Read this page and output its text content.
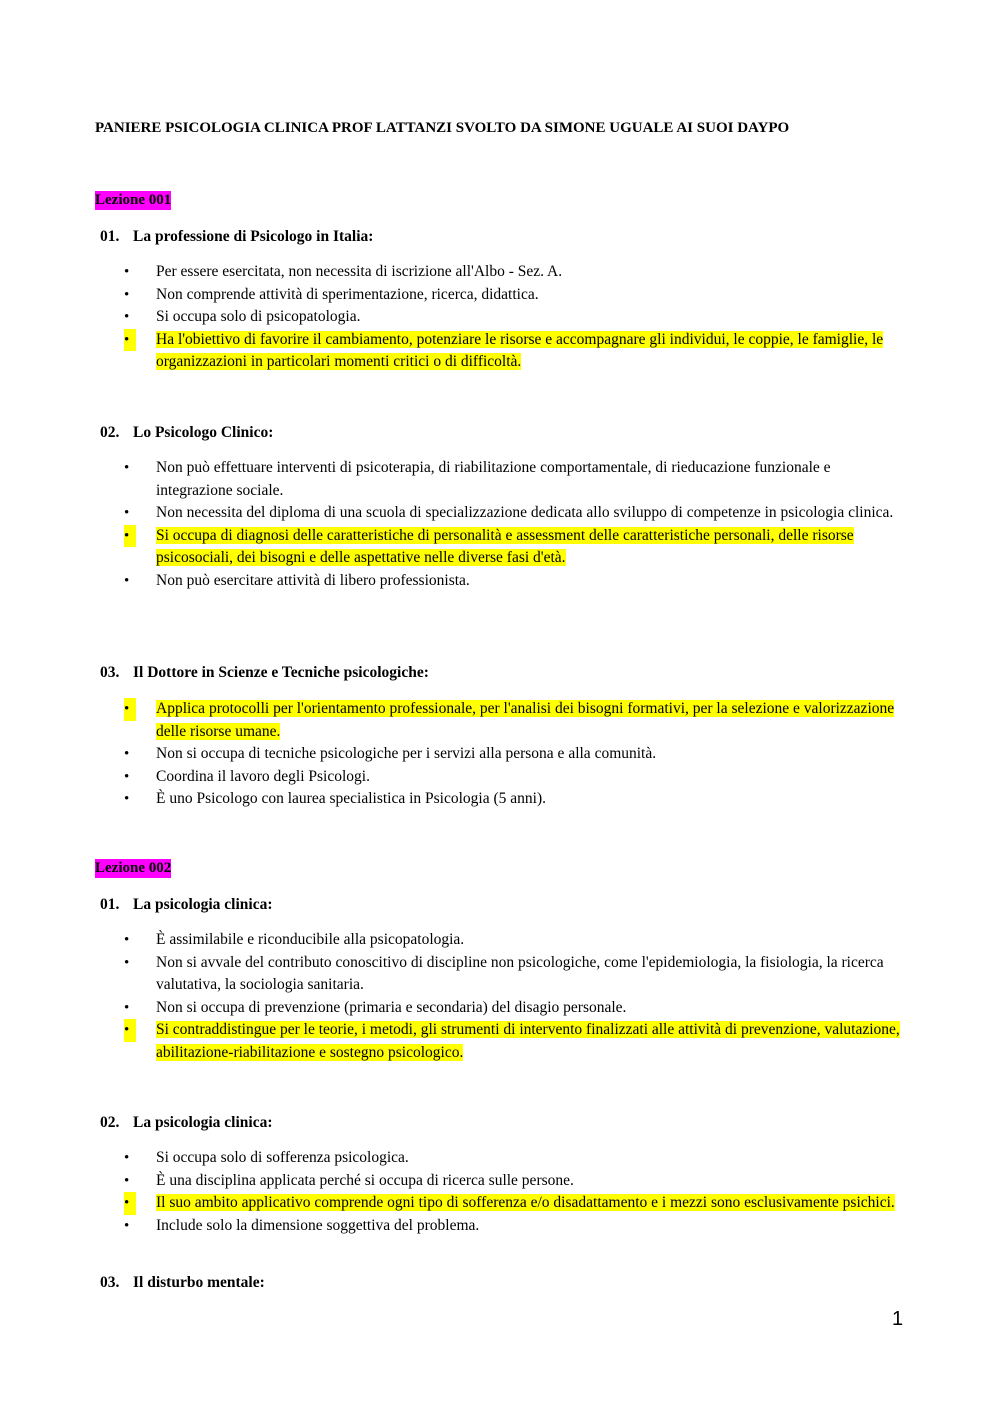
PANIERE PSICOLOGIA CLINICA PROF LATTANZI SVOLTO DA SIMONE UGUALE AI SUOI DAYPO

Lezione 001

01. La professione di Psicologo in Italia:

•	Per essere esercitata, non necessita di iscrizione all'Albo - Sez. A.
•	Non comprende attività di sperimentazione, ricerca, didattica.
•	Si occupa solo di psicopatologia.
•	Ha l'obiettivo di favorire il cambiamento, potenziare le risorse e accompagnare gli individui, le coppie, le famiglie, le organizzazioni in particolari momenti critici o di difficoltà.

02. Lo Psicologo Clinico:

•	Non può effettuare interventi di psicoterapia, di riabilitazione comportamentale, di rieducazione funzionale e integrazione sociale.
•	Non necessita del diploma di una scuola di specializzazione dedicata allo sviluppo di competenze in psicologia clinica.
•	Si occupa di diagnosi delle caratteristiche di personalità e assessment delle caratteristiche personali, delle risorse psicosociali, dei bisogni e delle aspettative nelle diverse fasi d'età.
•	Non può esercitare attività di libero professionista.

03. Il Dottore in Scienze e Tecniche psicologiche:

•	Applica protocolli per l'orientamento professionale, per l'analisi dei bisogni formativi, per la selezione e valorizzazione delle risorse umane.
•	Non si occupa di tecniche psicologiche per i servizi alla persona e alla comunità.
•	Coordina il lavoro degli Psicologi.
•	È uno Psicologo con laurea specialistica in Psicologia (5 anni).

Lezione 002

01. La psicologia clinica:

•	È assimilabile e riconducibile alla psicopatologia.
•	Non si avvale del contributo conoscitivo di discipline non psicologiche, come l'epidemiologia, la fisiologia, la ricerca valutativa, la sociologia sanitaria.
•	Non si occupa di prevenzione (primaria e secondaria) del disagio personale.
•	Si contraddistingue per le teorie, i metodi, gli strumenti di intervento finalizzati alle attività di prevenzione, valutazione, abilitazione-riabilitazione e sostegno psicologico.

02. La psicologia clinica:

•	Si occupa solo di sofferenza psicologica.
•	È una disciplina applicata perché si occupa di ricerca sulle persone.
•	Il suo ambito applicativo comprende ogni tipo di sofferenza e/o disadattamento e i mezzi sono esclusivamente psichici.
•	Include solo la dimensione soggettiva del problema.

03. Il disturbo mentale:

1
